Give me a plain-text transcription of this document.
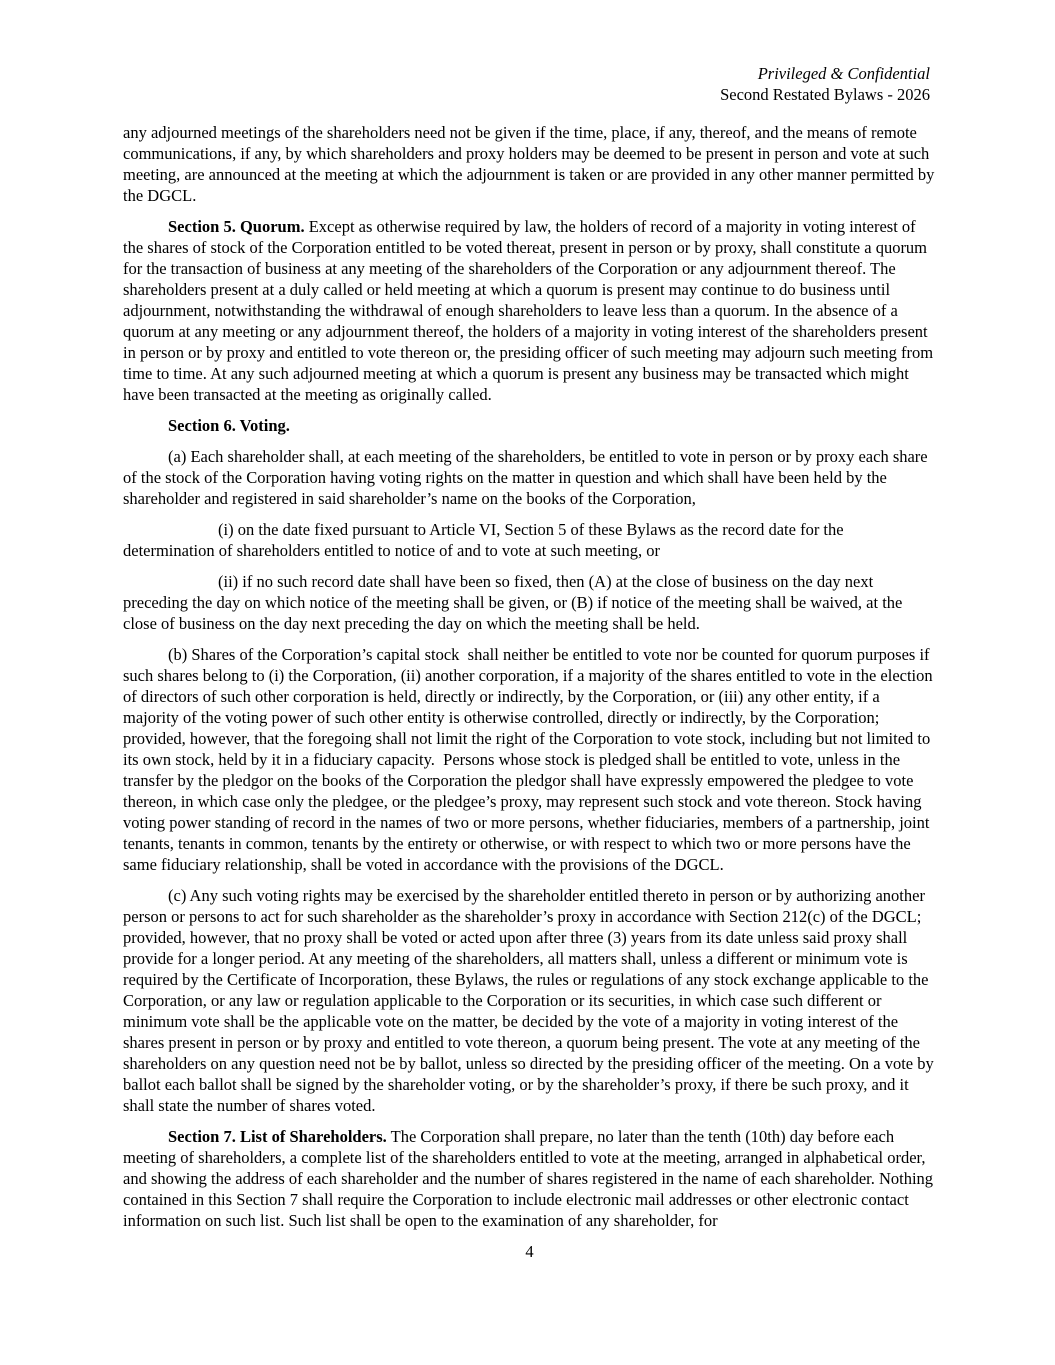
Privileged & Confidential
Second Restated Bylaws - 2026

any adjourned meetings of the shareholders need not be given if the time, place, if any, thereof, and the means of remote communications, if any, by which shareholders and proxy holders may be deemed to be present in person and vote at such meeting, are announced at the meeting at which the adjournment is taken or are provided in any other manner permitted by the DGCL.

Section 5. Quorum. Except as otherwise required by law, the holders of record of a majority in voting interest of the shares of stock of the Corporation entitled to be voted thereat, present in person or by proxy, shall constitute a quorum for the transaction of business at any meeting of the shareholders of the Corporation or any adjournment thereof. The shareholders present at a duly called or held meeting at which a quorum is present may continue to do business until adjournment, notwithstanding the withdrawal of enough shareholders to leave less than a quorum. In the absence of a quorum at any meeting or any adjournment thereof, the holders of a majority in voting interest of the shareholders present in person or by proxy and entitled to vote thereon or, the presiding officer of such meeting may adjourn such meeting from time to time. At any such adjourned meeting at which a quorum is present any business may be transacted which might have been transacted at the meeting as originally called.

Section 6. Voting.

(a) Each shareholder shall, at each meeting of the shareholders, be entitled to vote in person or by proxy each share of the stock of the Corporation having voting rights on the matter in question and which shall have been held by the shareholder and registered in said shareholder’s name on the books of the Corporation,

(i) on the date fixed pursuant to Article VI, Section 5 of these Bylaws as the record date for the determination of shareholders entitled to notice of and to vote at such meeting, or

(ii) if no such record date shall have been so fixed, then (A) at the close of business on the day next preceding the day on which notice of the meeting shall be given, or (B) if notice of the meeting shall be waived, at the close of business on the day next preceding the day on which the meeting shall be held.

(b) Shares of the Corporation’s capital stock  shall neither be entitled to vote nor be counted for quorum purposes if such shares belong to (i) the Corporation, (ii) another corporation, if a majority of the shares entitled to vote in the election of directors of such other corporation is held, directly or indirectly, by the Corporation, or (iii) any other entity, if a majority of the voting power of such other entity is otherwise controlled, directly or indirectly, by the Corporation; provided, however, that the foregoing shall not limit the right of the Corporation to vote stock, including but not limited to its own stock, held by it in a fiduciary capacity.  Persons whose stock is pledged shall be entitled to vote, unless in the transfer by the pledgor on the books of the Corporation the pledgor shall have expressly empowered the pledgee to vote thereon, in which case only the pledgee, or the pledgee’s proxy, may represent such stock and vote thereon. Stock having voting power standing of record in the names of two or more persons, whether fiduciaries, members of a partnership, joint tenants, tenants in common, tenants by the entirety or otherwise, or with respect to which two or more persons have the same fiduciary relationship, shall be voted in accordance with the provisions of the DGCL.

(c) Any such voting rights may be exercised by the shareholder entitled thereto in person or by authorizing another person or persons to act for such shareholder as the shareholder’s proxy in accordance with Section 212(c) of the DGCL; provided, however, that no proxy shall be voted or acted upon after three (3) years from its date unless said proxy shall provide for a longer period. At any meeting of the shareholders, all matters shall, unless a different or minimum vote is required by the Certificate of Incorporation, these Bylaws, the rules or regulations of any stock exchange applicable to the Corporation, or any law or regulation applicable to the Corporation or its securities, in which case such different or minimum vote shall be the applicable vote on the matter, be decided by the vote of a majority in voting interest of the shares present in person or by proxy and entitled to vote thereon, a quorum being present. The vote at any meeting of the shareholders on any question need not be by ballot, unless so directed by the presiding officer of the meeting. On a vote by ballot each ballot shall be signed by the shareholder voting, or by the shareholder’s proxy, if there be such proxy, and it shall state the number of shares voted.

Section 7. List of Shareholders. The Corporation shall prepare, no later than the tenth (10th) day before each meeting of shareholders, a complete list of the shareholders entitled to vote at the meeting, arranged in alphabetical order, and showing the address of each shareholder and the number of shares registered in the name of each shareholder. Nothing contained in this Section 7 shall require the Corporation to include electronic mail addresses or other electronic contact information on such list. Such list shall be open to the examination of any shareholder, for

4
